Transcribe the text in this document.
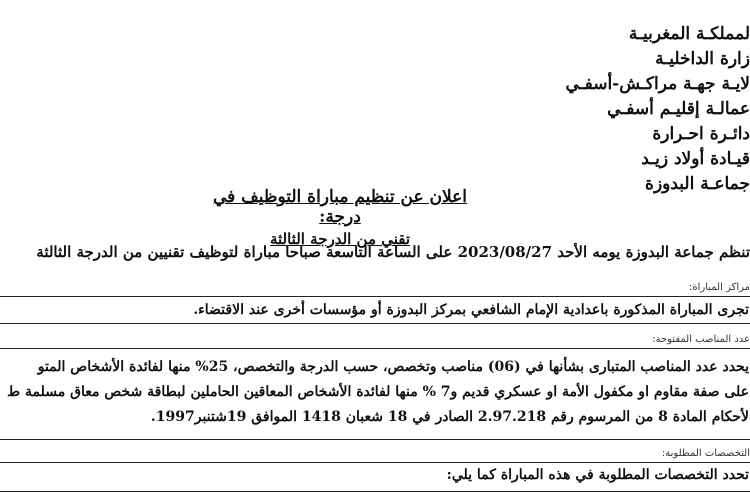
لمملكـة المغربيـة
زارة الداخليـة
لايـة جهـة مراكـش-أسفـي
عمالـة إقليـم أسفـي
دائـرة احـرارة
قيـادة أولاد زيـد
جماعـة البدوزة
اعلان عن تنظيم مباراة التوظيف في درجة:
تقني من الدرجة الثالثة
تنظم جماعة البدوزة يومه الأحد 2023/08/27 على الساعة التاسعة صباحا مباراة لتوظيف تقنيين من الدرجة الثالثة
مراكز المباراة:
تجرى المباراة المذكورة باعدادية الإمام الشافعي بمركز البدوزة أو مؤسسات أخرى عند الاقتضاء.
عدد المناصب المفتوحة:
يحدد عدد المناصب المتبارى بشأنها في (06) مناصب وتخصص، حسب الدرجة والتخصص، 25% منها لفائدة الأشخاص المتو
على صفة مقاوم او مكفول الأمة او عسكري قديم و7 % منها لفائدة الأشخاص المعاقين الحاملين لبطاقة شخص معاق مسلمة ط
لأحكام المادة 8 من المرسوم رقم 2.97.218 الصادر في 18 شعبان 1418 الموافق 19شتنبر1997.
التخصصات المطلوبة:
تحدد التخصصات المطلوبة في هذه المباراة كما يلي:
